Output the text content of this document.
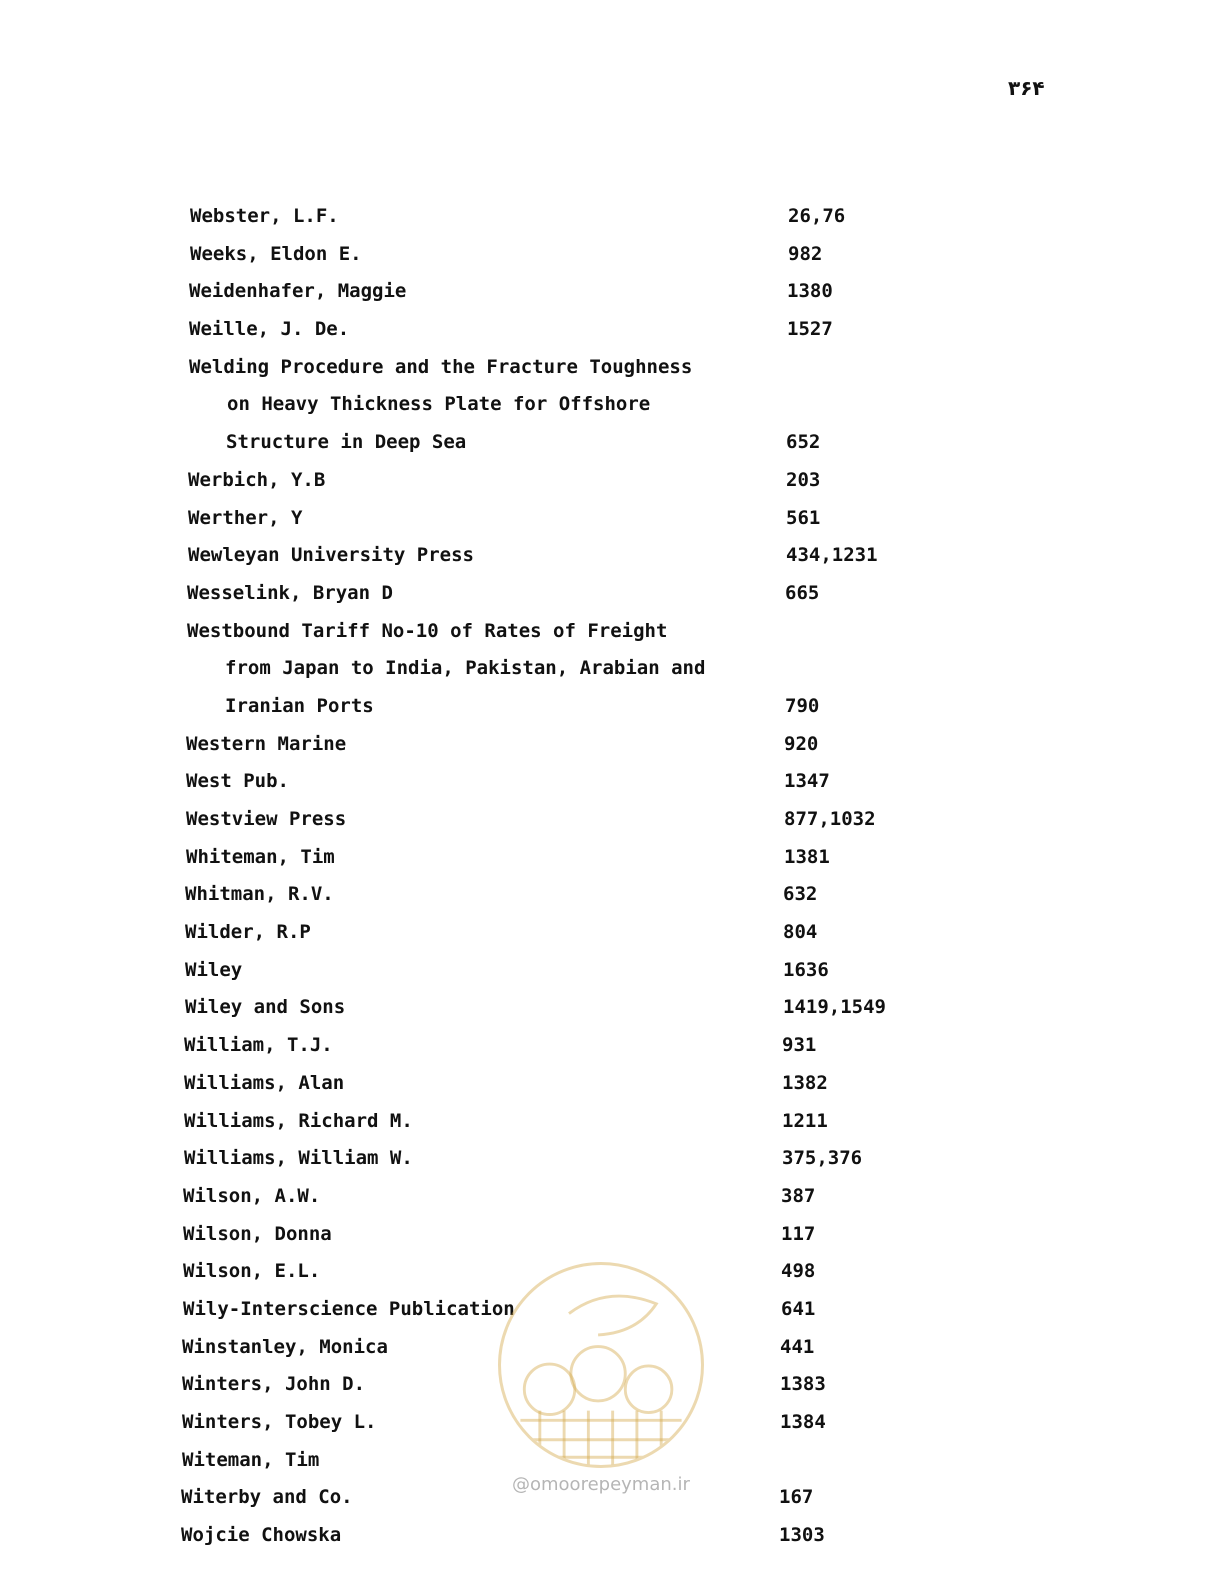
۳۶۴
Webster, L.F.	26,76
Weeks, Eldon E.	982
Weidenhafer, Maggie	1380
Weille, J. De.	1527
Welding Procedure and the Fracture Toughness
on Heavy Thickness Plate for Offshore
Structure in Deep Sea	652
Werbich, Y.B	203
Werther, Y	561
Wewleyan University Press	434,1231
Wesselink, Bryan D	665
Westbound Tariff No-10 of Rates of Freight
from Japan to India, Pakistan, Arabian and
Iranian Ports	790
Western Marine	920
West Pub.	1347
Westview Press	877,1032
Whiteman, Tim	1381
Whitman, R.V.	632
Wilder, R.P	804
Wiley	1636
Wiley and Sons	1419,1549
William, T.J.	931
Williams, Alan	1382
Williams, Richard M.	1211
Williams, William W.	375,376
Wilson, A.W.	387
Wilson, Donna	117
Wilson, E.L.	498
Wily-Interscience Publication	641
Winstanley, Monica	441
Winters, John D.	1383
Winters, Tobey L.	1384
Witeman, Tim
Witerby and Co.	167
Wojcie Chowska	1303
@omoorepeyman.ir
